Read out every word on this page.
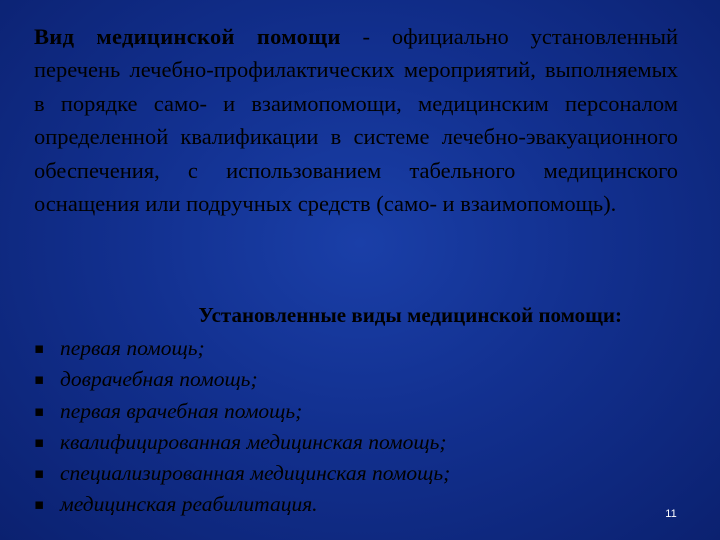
Вид медицинской помощи - официально установленный перечень лечебно-профилактических мероприятий, выполняемых в порядке само- и взаимопомощи, медицинским персоналом определенной квалификации в системе лечебно-эвакуационного обеспечения, с использованием табельного медицинского оснащения или подручных средств (само- и взаимопомощь).

Установленные виды медицинской помощи:
▪ первая помощь;
▪ доврачебная помощь;
▪ первая врачебная помощь;
▪ квалифицированная медицинская помощь;
▪ специализированная медицинская помощь;
▪ медицинская реабилитация.	11
